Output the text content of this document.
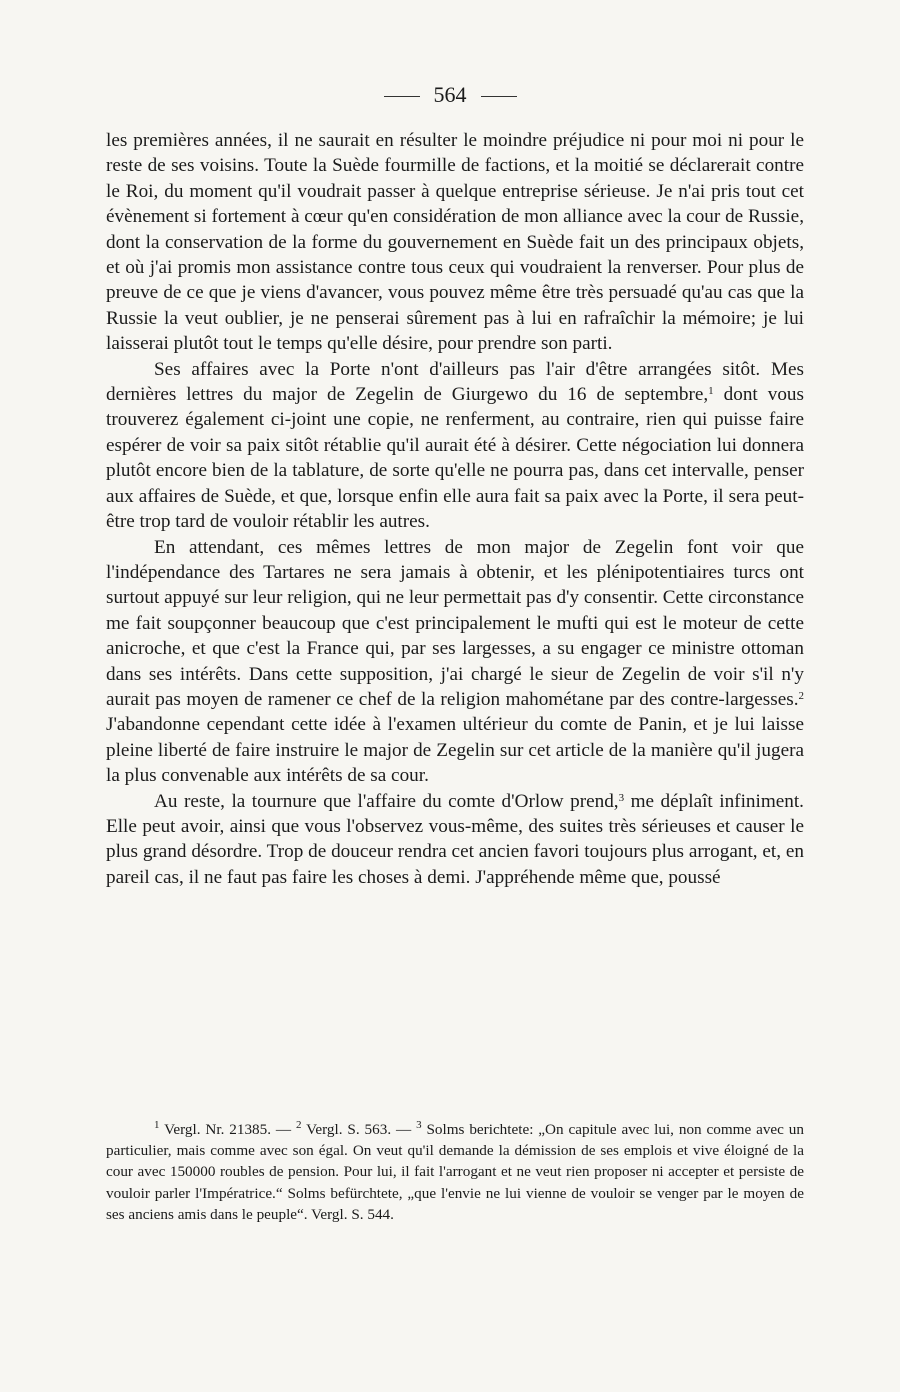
564

les premières années, il ne saurait en résulter le moindre préjudice ni pour moi ni pour le reste de ses voisins. Toute la Suède fourmille de factions, et la moitié se déclarerait contre le Roi, du moment qu'il voudrait passer à quelque entreprise sérieuse. Je n'ai pris tout cet évènement si fortement à cœur qu'en considération de mon alliance avec la cour de Russie, dont la conservation de la forme du gouvernement en Suède fait un des principaux objets, et où j'ai promis mon assistance contre tous ceux qui voudraient la renverser. Pour plus de preuve de ce que je viens d'avancer, vous pouvez même être très persuadé qu'au cas que la Russie la veut oublier, je ne penserai sûrement pas à lui en rafraîchir la mémoire; je lui laisserai plutôt tout le temps qu'elle désire, pour prendre son parti.

Ses affaires avec la Porte n'ont d'ailleurs pas l'air d'être arrangées sitôt. Mes dernières lettres du major de Zegelin de Giurgewo du 16 de septembre,$^1$ dont vous trouverez également ci-joint une copie, ne renferment, au contraire, rien qui puisse faire espérer de voir sa paix sitôt rétablie qu'il aurait été à désirer. Cette négociation lui donnera plutôt encore bien de la tablature, de sorte qu'elle ne pourra pas, dans cet intervalle, penser aux affaires de Suède, et que, lorsque enfin elle aura fait sa paix avec la Porte, il sera peut-être trop tard de vouloir rétablir les autres.

En attendant, ces mêmes lettres de mon major de Zegelin font voir que l'indépendance des Tartares ne sera jamais à obtenir, et les plénipotentiaires turcs ont surtout appuyé sur leur religion, qui ne leur permettait pas d'y consentir. Cette circonstance me fait soupçonner beaucoup que c'est principalement le mufti qui est le moteur de cette anicroche, et que c'est la France qui, par ses largesses, a su engager ce ministre ottoman dans ses intérêts. Dans cette supposition, j'ai chargé le sieur de Zegelin de voir s'il n'y aurait pas moyen de ramener ce chef de la religion mahométane par des contre-largesses.$^2$ J'abandonne cependant cette idée à l'examen ultérieur du comte de Panin, et je lui laisse pleine liberté de faire instruire le major de Zegelin sur cet article de la manière qu'il jugera la plus convenable aux intérêts de sa cour.

Au reste, la tournure que l'affaire du comte d'Orlow prend,$^3$ me déplaît infiniment. Elle peut avoir, ainsi que vous l'observez vous-même, des suites très sérieuses et causer le plus grand désordre. Trop de douceur rendra cet ancien favori toujours plus arrogant, et, en pareil cas, il ne faut pas faire les choses à demi. J'appréhende même que, poussé

$^1$ Vergl. Nr. 21385. — $^2$ Vergl. S. 563. — $^3$ Solms berichtete: „On capitule avec lui, non comme avec un particulier, mais comme avec son égal. On veut qu'il demande la démission de ses emplois et vive éloigné de la cour avec 150000 roubles de pension. Pour lui, il fait l'arrogant et ne veut rien proposer ni accepter et persiste de vouloir parler l'Impératrice.“ Solms befürchtete, „que l'envie ne lui vienne de vouloir se venger par le moyen de ses anciens amis dans le peuple“. Vergl. S. 544.
